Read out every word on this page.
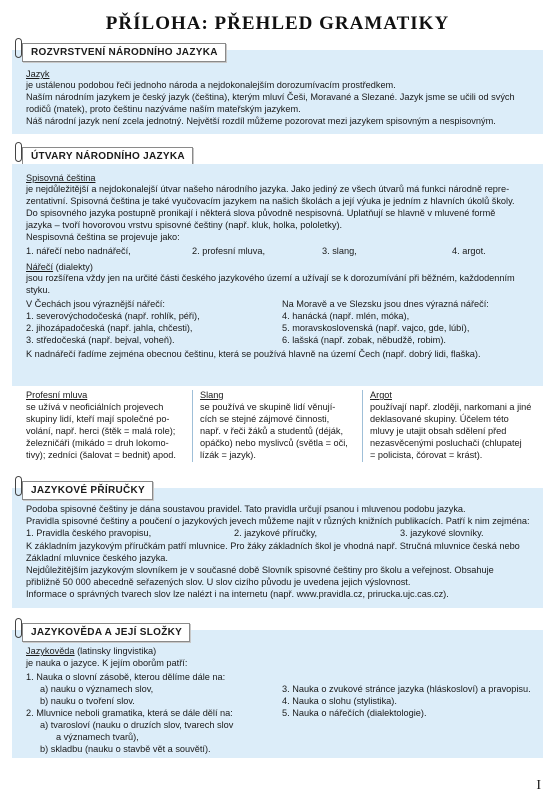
PŘÍLOHA: PŘEHLED GRAMATIKY
ROZVRSTVENÍ NÁRODNÍHO JAZYKA
Jazyk
je ustálenou podobou řeči jednoho národa a nejdokonalejším dorozumívacím prostředkem.
Naším národním jazykem je český jazyk (čeština), kterým mluví Češi, Moravané a Slezané. Jazyk jsme se učili od svých
rodičů (matek), proto češtinu nazýváme naším mateřským jazykem.
Náš národní jazyk není zcela jednotný. Největší rozdíl můžeme pozorovat mezi jazykem spisovným a nespisovným.
ÚTVARY NÁRODNÍHO JAZYKA
Spisovná čeština
je nejdůležitější a nejdokonalejší útvar našeho národního jazyka. Jako jediný ze všech útvarů má funkci národně repre-
zentativní. Spisovná čeština je také vyučovacím jazykem na našich školách a její výuka je jedním z hlavních úkolů školy.
Do spisovného jazyka postupně pronikají i některá slova původně nespisovná. Uplatňují se hlavně v mluvené formě
jazyka – tvoří hovorovou vrstvu spisovné češtiny (např. kluk, holka, pololetky).
Nespisovná čeština se projevuje jako:
1. nářečí nebo nadnářečí,	2. profesní mluva,	3. slang,	4. argot.
Nářečí (dialekty)
jsou rozšířena vždy jen na určité části českého jazykového území a užívají se k dorozumívání při běžném, každodenním
styku.
V Čechách jsou výraznější nářečí:
1. severovýchodočeská (např. rohlík, péři),
2. jihozápadočeská (např. jahla, chčesti),
3. středočeská (např. bejval, voheň).
Na Moravě a ve Slezsku jsou dnes výrazná nářečí:
4. hanácká (např. mlén, móka),
5. moravskoslovenská (např. vajco, gde, lúbí),
6. lašská (např. zobak, něbudžě, robim).
K nadnářečí řadíme zejména obecnou češtinu, která se používá hlavně na území Čech (např. dobrý lidi, flaška).
Profesní mluva
se užívá v neoficiálních projevech
skupiny lidí, kteří mají společné po-
volání, např. herci (štěk = malá role);
železničáři (mikádo = druh lokomo-
tivy); zedníci (šalovat = bednit) apod.
Slang
se používá ve skupině lidí věnují-
cích se stejné zájmové činnosti,
např. v řeči žáků a studentů (déják,
opáčko) nebo myslivců (světla = oči,
lízák = jazyk).
Argot
používají např. zloději, narkomani a jiné
deklasované skupiny. Účelem této
mluvy je utajit obsah sdělení před
nezasvěcenými posluchači (chlupatej
= policista, čórovat = krást).
JAZYKOVÉ PŘÍRUČKY
Podoba spisovné češtiny je dána soustavou pravidel. Tato pravidla určují psanou i mluvenou podobu jazyka.
Pravidla spisovné češtiny a poučení o jazykových jevech můžeme najít v různých knižních publikacích. Patří k nim zejména:
1. Pravidla českého pravopisu,	2. jazykové příručky,	3. jazykové slovníky.
K základním jazykovým příručkám patří mluvnice. Pro žáky základních škol je vhodná např. Stručná mluvnice česká nebo
Základní mluvnice českého jazyka.
Nejdůležitějším jazykovým slovníkem je v současné době Slovník spisovné češtiny pro školu a veřejnost. Obsahuje
přibližně 50 000 abecedně seřazených slov. U slov cizího původu je uvedena jejich výslovnost.
Informace o správných tvarech slov lze nalézt i na internetu (např. www.pravidla.cz, prirucka.ujc.cas.cz).
JAZYKOVĚDA A JEJÍ SLOŽKY
Jazykověda (latinsky lingvistika)
je nauka o jazyce. K jejím oborům patří:
1. Nauka o slovní zásobě, kterou dělíme dále na:
a) nauku o významech slov,
b) nauku o tvoření slov.
2. Mluvnice neboli gramatika, která se dále dělí na:
a) tvarosloví (nauku o druzích slov, tvarech slov
a významech tvarů),
b) skladbu (nauku o stavbě vět a souvětí).
3. Nauka o zvukové stránce jazyka (hláskosloví) a pravopisu.
4. Nauka o slohu (stylistika).
5. Nauka o nářečích (dialektologie).
I
